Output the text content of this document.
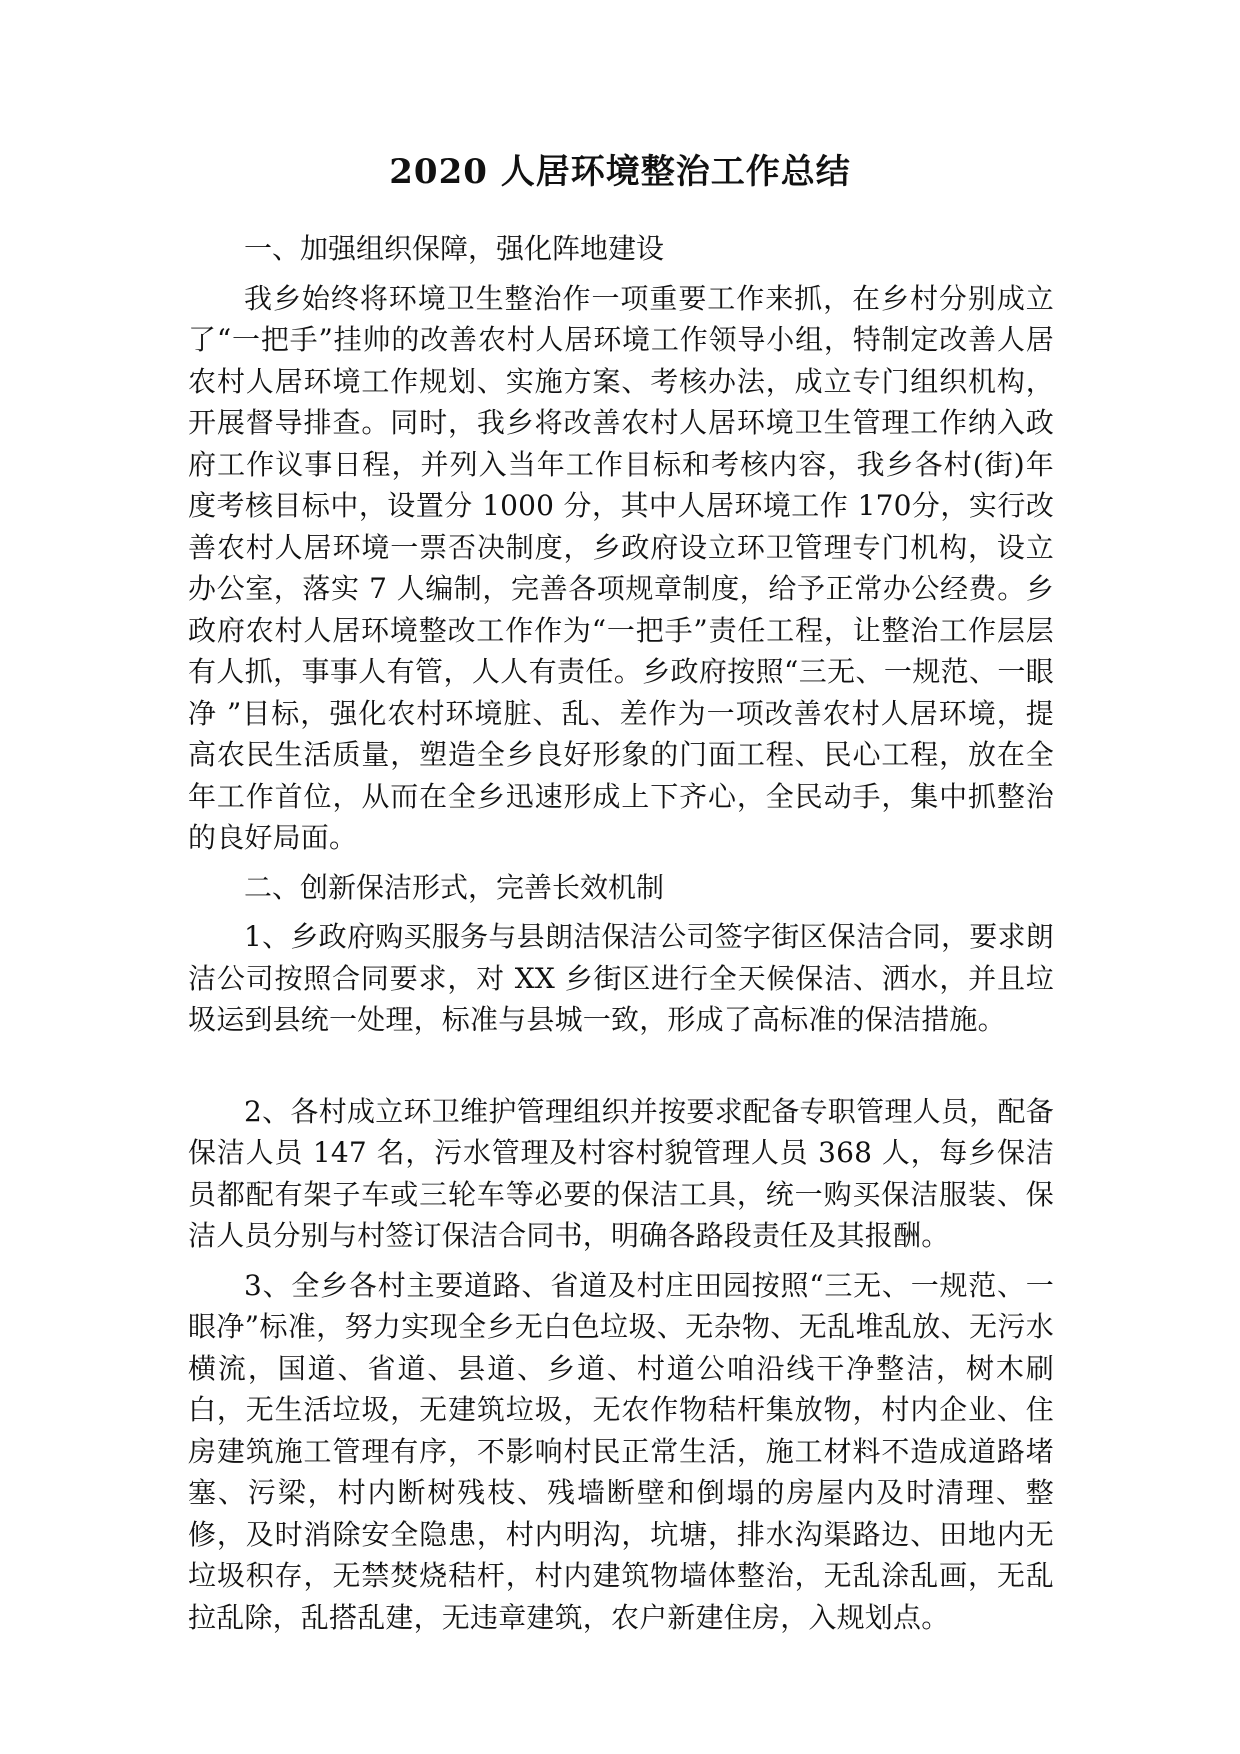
2020 人居环境整治工作总结

一、加强组织保障，强化阵地建设

我乡始终将环境卫生整治作一项重要工作来抓，在乡村分别成立了“一把手”挂帅的改善农村人居环境工作领导小组，特制定改善人居农村人居环境工作规划、实施方案、考核办法，成立专门组织机构，开展督导排查。同时，我乡将改善农村人居环境卫生管理工作纳入政府工作议事日程，并列入当年工作目标和考核内容，我乡各村(街)年度考核目标中，设置分 1000 分，其中人居环境工作 170分，实行改善农村人居环境一票否决制度，乡政府设立环卫管理专门机构，设立办公室，落实 7 人编制，完善各项规章制度，给予正常办公经费。乡政府农村人居环境整改工作作为“一把手”责任工程，让整治工作层层有人抓，事事人有管，人人有责任。乡政府按照“三无、一规范、一眼净 ”目标，强化农村环境脏、乱、差作为一项改善农村人居环境，提高农民生活质量，塑造全乡良好形象的门面工程、民心工程，放在全年工作首位，从而在全乡迅速形成上下齐心，全民动手，集中抓整治的良好局面。

二、创新保洁形式，完善长效机制

1、乡政府购买服务与县朗洁保洁公司签字街区保洁合同，要求朗洁公司按照合同要求，对 XX 乡街区进行全天候保洁、洒水，并且垃圾运到县统一处理，标准与县城一致，形成了高标准的保洁措施。

2、各村成立环卫维护管理组织并按要求配备专职管理人员，配备保洁人员 147 名，污水管理及村容村貌管理人员 368 人，每乡保洁员都配有架子车或三轮车等必要的保洁工具，统一购买保洁服装、保洁人员分别与村签订保洁合同书，明确各路段责任及其报酬。

3、全乡各村主要道路、省道及村庄田园按照“三无、一规范、一眼净”标准，努力实现全乡无白色垃圾、无杂物、无乱堆乱放、无污水横流，国道、省道、县道、乡道、村道公咱沿线干净整洁，树木刷白，无生活垃圾，无建筑垃圾，无农作物秸杆集放物，村内企业、住房建筑施工管理有序，不影响村民正常生活，施工材料不造成道路堵塞、污梁，村内断树残枝、残墙断壁和倒塌的房屋内及时清理、整修，及时消除安全隐患，村内明沟，坑塘，排水沟渠路边、田地内无垃圾积存，无禁焚烧秸杆，村内建筑物墙体整治，无乱涂乱画，无乱拉乱除，乱搭乱建，无违章建筑，农户新建住房，入规划点。
